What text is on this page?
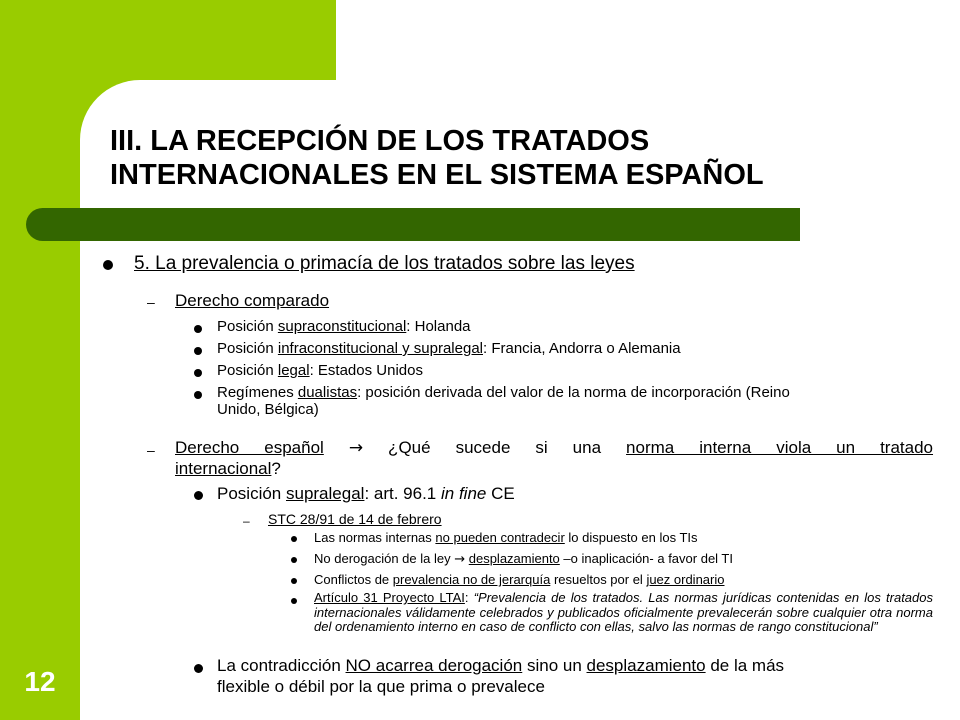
III. LA RECEPCIÓN DE LOS TRATADOS
INTERNACIONALES EN EL SISTEMA ESPAÑOL
12
5. La prevalencia o primacía de los tratados sobre las leyes
– Derecho comparado
Posición supraconstitucional: Holanda
Posición infraconstitucional y supralegal: Francia, Andorra o Alemania
Posición legal: Estados Unidos
Regímenes dualistas: posición derivada del valor de la norma de incorporación (Reino
Unido, Bélgica)
– Derecho español → ¿Qué sucede si una norma interna viola un tratado
internacional?
Posición supralegal: art. 96.1 in fine CE
– STC 28/91 de 14 de febrero
Las normas internas no pueden contradecir lo dispuesto en los TIs
No derogación de la ley → desplazamiento –o inaplicación- a favor del TI
Conflictos de prevalencia no de jerarquía resueltos por el juez ordinario
Artículo 31 Proyecto LTAI: “Prevalencia de los tratados. Las normas jurídicas contenidas en los tratados internacionales válidamente celebrados y publicados oficialmente prevalecerán sobre cualquier otra norma del ordenamiento interno en caso de conflicto con ellas, salvo las normas de rango constitucional”
La contradicción NO acarrea derogación sino un desplazamiento de la más
flexible o débil por la que prima o prevalece
